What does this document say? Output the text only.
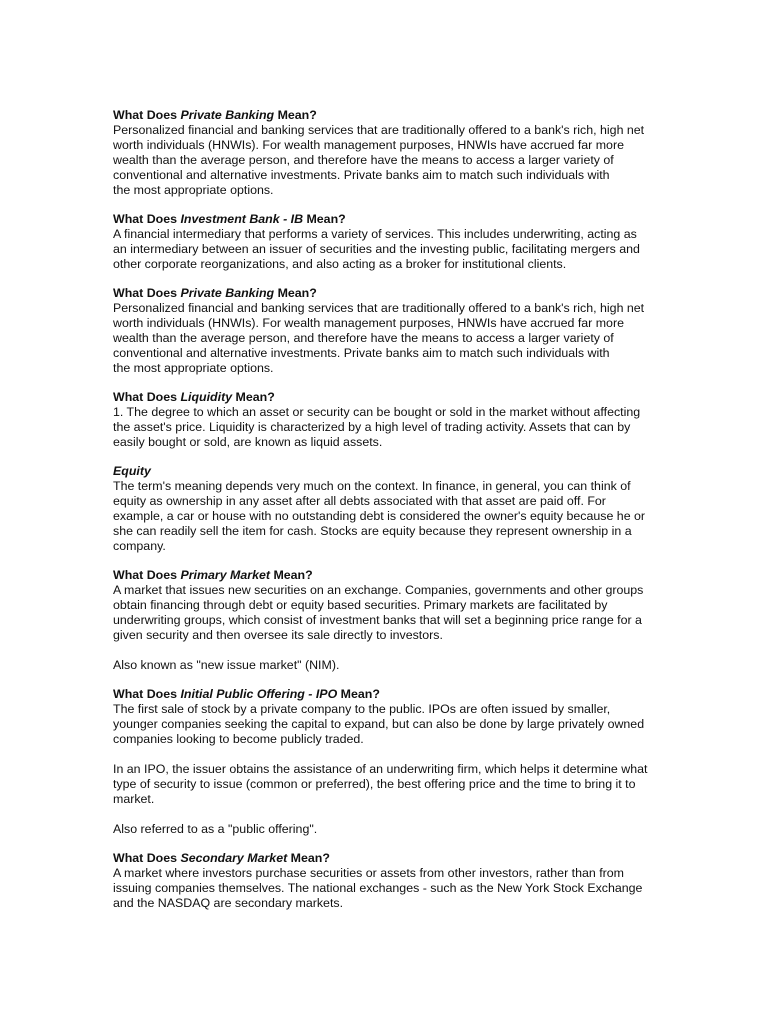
What Does Private Banking Mean?
Personalized financial and banking services that are traditionally offered to a bank's rich, high net
worth individuals (HNWIs). For wealth management purposes, HNWIs have accrued far more
wealth than the average person, and therefore have the means to access a larger variety of
conventional and alternative investments. Private banks aim to match such individuals with
the most appropriate options.
What Does Investment Bank - IB Mean?
A financial intermediary that performs a variety of services. This includes underwriting, acting as
an intermediary between an issuer of securities and the investing public, facilitating mergers and
other corporate reorganizations, and also acting as a broker for institutional clients.
What Does Private Banking Mean?
Personalized financial and banking services that are traditionally offered to a bank's rich, high net
worth individuals (HNWIs). For wealth management purposes, HNWIs have accrued far more
wealth than the average person, and therefore have the means to access a larger variety of
conventional and alternative investments. Private banks aim to match such individuals with
the most appropriate options.
What Does Liquidity Mean?
1. The degree to which an asset or security can be bought or sold in the market without affecting
the asset's price. Liquidity is characterized by a high level of trading activity. Assets that can by
easily bought or sold, are known as liquid assets.
Equity
The term's meaning depends very much on the context. In finance, in general, you can think of
equity as ownership in any asset after all debts associated with that asset are paid off. For
example, a car or house with no outstanding debt is considered the owner's equity because he or
she can readily sell the item for cash. Stocks are equity because they represent ownership in a
company.
What Does Primary Market Mean?
A market that issues new securities on an exchange. Companies, governments and other groups
obtain financing through debt or equity based securities. Primary markets are facilitated by
underwriting groups, which consist of investment banks that will set a beginning price range for a
given security and then oversee its sale directly to investors.
Also known as "new issue market" (NIM).
What Does Initial Public Offering - IPO Mean?
The first sale of stock by a private company to the public. IPOs are often issued by smaller,
younger companies seeking the capital to expand, but can also be done by large privately owned
companies looking to become publicly traded.
In an IPO, the issuer obtains the assistance of an underwriting firm, which helps it determine what
type of security to issue (common or preferred), the best offering price and the time to bring it to
market.
Also referred to as a "public offering".
What Does Secondary Market Mean?
A market where investors purchase securities or assets from other investors, rather than from
issuing companies themselves. The national exchanges - such as the New York Stock Exchange
and the NASDAQ are secondary markets.
